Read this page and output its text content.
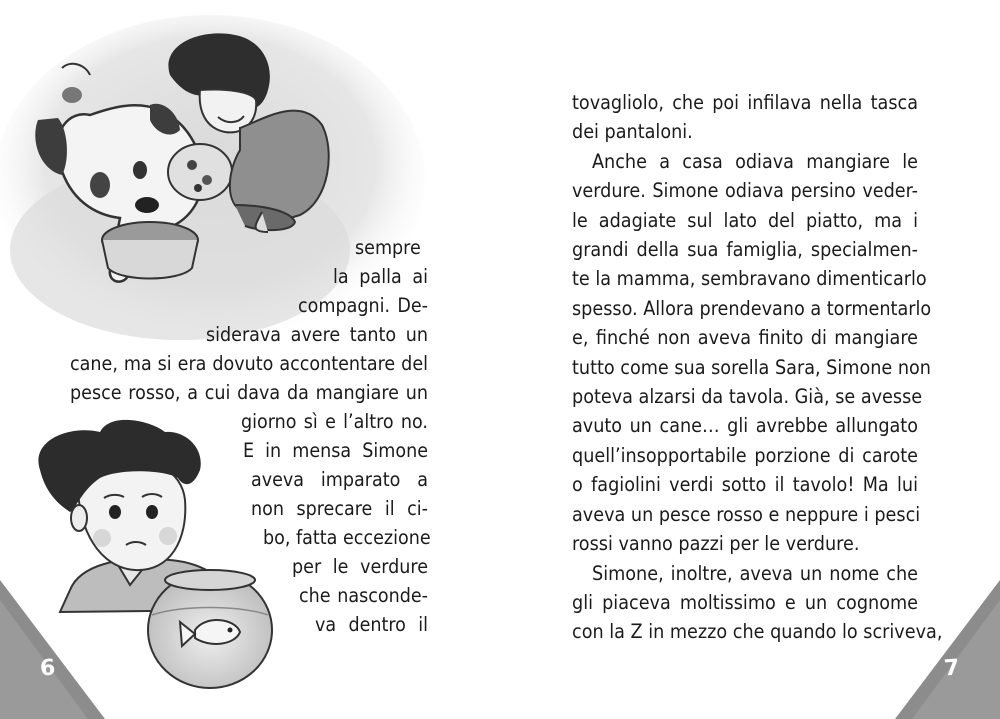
sempre
la palla ai
compagni. De-
siderava avere tanto un
cane, ma si era dovuto accontentare del
pesce rosso, a cui dava da mangiare un
giorno sì e l’altro no.
E in mensa Simone
aveva imparato a
non sprecare il ci-
bo, fatta eccezione
per le verdure
che nasconde-
va dentro il
tovagliolo, che poi infilava nella tasca
dei pantaloni.
Anche a casa odiava mangiare le
verdure. Simone odiava persino veder-
le adagiate sul lato del piatto, ma i
grandi della sua famiglia, specialmen-
te la mamma, sembravano dimenticarlo
spesso. Allora prendevano a tormentarlo
e, finché non aveva finito di mangiare
tutto come sua sorella Sara, Simone non
poteva alzarsi da tavola. Già, se avesse
avuto un cane… gli avrebbe allungato
quell’insopportabile porzione di carote
o fagiolini verdi sotto il tavolo! Ma lui
aveva un pesce rosso e neppure i pesci
rossi vanno pazzi per le verdure.
Simone, inoltre, aveva un nome che
gli piaceva moltissimo e un cognome
con la Z in mezzo che quando lo scriveva,
6	7
